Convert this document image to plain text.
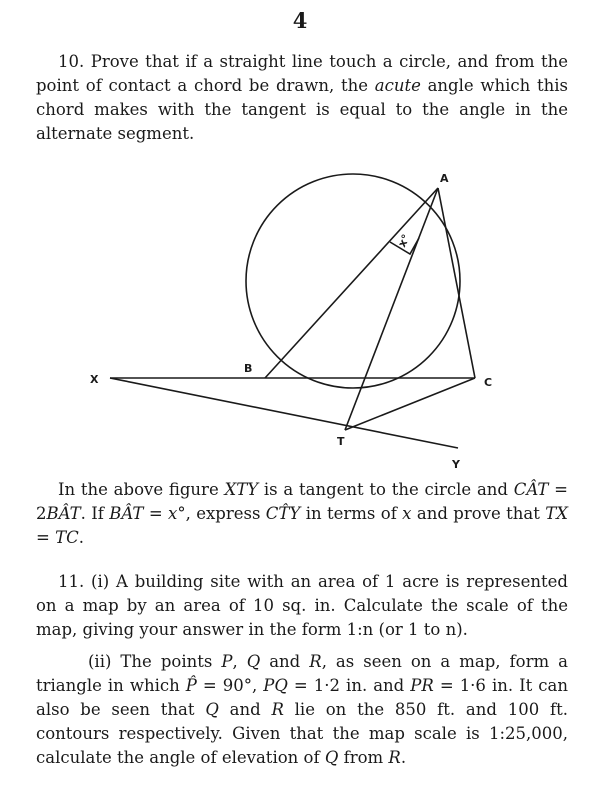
4
10. Prove that if a straight line touch a circle, and from the point of contact a chord be drawn, the acute angle which this chord makes with the tangent is equal to the angle in the alternate segment.
A
B
C
T
X
Y
x°
In the above figure XTY is a tangent to the circle and CÂT = 2BÂT. If BÂT = x°, express CT̂Y in terms of x and prove that TX = TC.
11. (i) A building site with an area of 1 acre is represented on a map by an area of 10 sq. in. Calculate the scale of the map, giving your answer in the form 1:n (or 1 to n).
(ii) The points P, Q and R, as seen on a map, form a triangle in which P̂ = 90°, PQ = 1·2 in. and PR = 1·6 in. It can also be seen that Q and R lie on the 850 ft. and 100 ft. contours respectively. Given that the map scale is 1:25,000, calculate the angle of elevation of Q from R.
